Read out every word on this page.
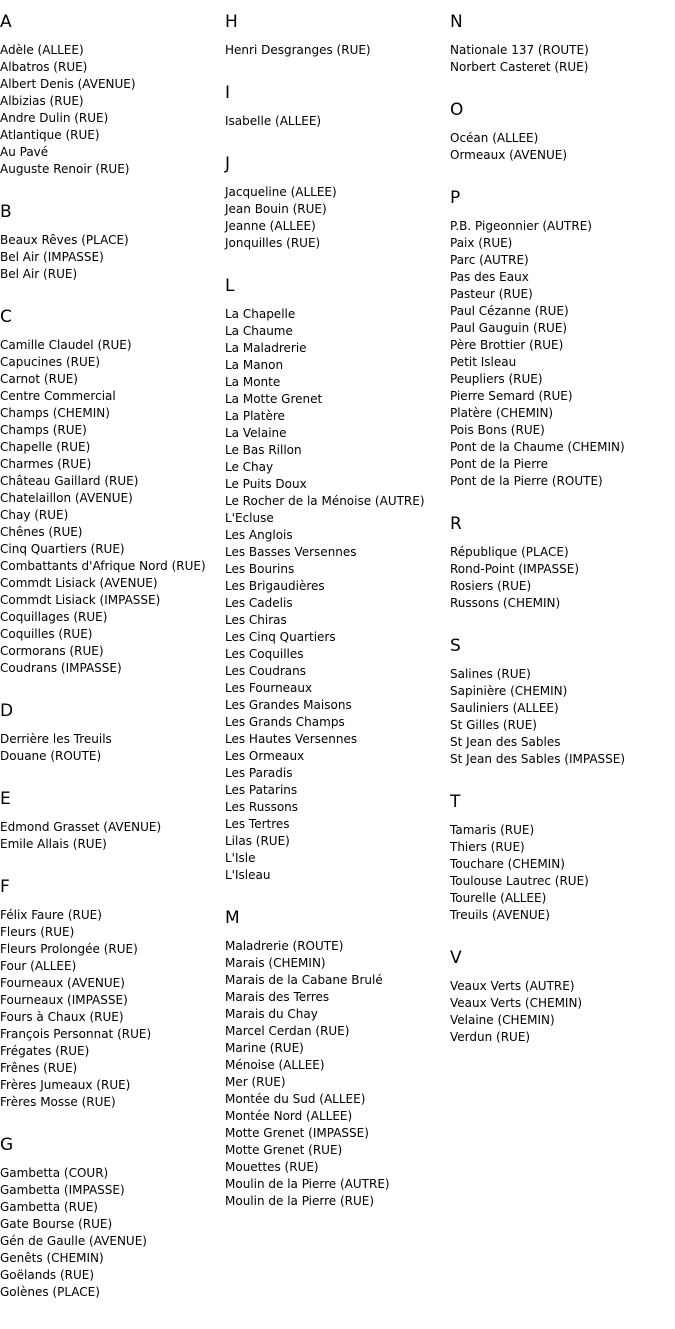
A
Adèle (ALLEE)
Albatros (RUE)
Albert Denis (AVENUE)
Albizias (RUE)
Andre Dulin (RUE)
Atlantique (RUE)
Au Pavé
Auguste Renoir (RUE)
B
Beaux Rêves (PLACE)
Bel Air (IMPASSE)
Bel Air (RUE)
C
Camille Claudel (RUE)
Capucines (RUE)
Carnot (RUE)
Centre Commercial
Champs (CHEMIN)
Champs (RUE)
Chapelle (RUE)
Charmes (RUE)
Château Gaillard (RUE)
Chatelaillon (AVENUE)
Chay (RUE)
Chênes (RUE)
Cinq Quartiers (RUE)
Combattants d'Afrique Nord (RUE)
Commdt Lisiack (AVENUE)
Commdt Lisiack (IMPASSE)
Coquillages (RUE)
Coquilles (RUE)
Cormorans (RUE)
Coudrans (IMPASSE)
D
Derrière les Treuils
Douane (ROUTE)
E
Edmond Grasset (AVENUE)
Emile Allais (RUE)
F
Félix Faure (RUE)
Fleurs (RUE)
Fleurs Prolongée (RUE)
Four (ALLEE)
Fourneaux (AVENUE)
Fourneaux (IMPASSE)
Fours à Chaux (RUE)
François Personnat (RUE)
Frégates (RUE)
Frênes (RUE)
Frères Jumeaux (RUE)
Frères Mosse (RUE)
G
Gambetta (COUR)
Gambetta (IMPASSE)
Gambetta (RUE)
Gate Bourse (RUE)
Gén de Gaulle (AVENUE)
Genêts (CHEMIN)
Goëlands (RUE)
Golènes (PLACE)
H
Henri Desgranges (RUE)
I
Isabelle (ALLEE)
J
Jacqueline (ALLEE)
Jean Bouin (RUE)
Jeanne (ALLEE)
Jonquilles (RUE)
L
La Chapelle
La Chaume
La Maladrerie
La Manon
La Monte
La Motte Grenet
La Platère
La Velaine
Le Bas Rillon
Le Chay
Le Puits Doux
Le Rocher de la Ménoise (AUTRE)
L'Ecluse
Les Anglois
Les Basses Versennes
Les Bourins
Les Brigaudières
Les Cadelis
Les Chiras
Les Cinq Quartiers
Les Coquilles
Les Coudrans
Les Fourneaux
Les Grandes Maisons
Les Grands Champs
Les Hautes Versennes
Les Ormeaux
Les Paradis
Les Patarins
Les Russons
Les Tertres
Lilas (RUE)
L'Isle
L'Isleau
M
Maladrerie (ROUTE)
Marais (CHEMIN)
Marais de la Cabane Brulé
Marais des Terres
Marais du Chay
Marcel Cerdan (RUE)
Marine (RUE)
Ménoise (ALLEE)
Mer (RUE)
Montée du Sud (ALLEE)
Montée Nord (ALLEE)
Motte Grenet (IMPASSE)
Motte Grenet (RUE)
Mouettes (RUE)
Moulin de la Pierre (AUTRE)
Moulin de la Pierre (RUE)
N
Nationale 137 (ROUTE)
Norbert Casteret (RUE)
O
Océan (ALLEE)
Ormeaux (AVENUE)
P
P.B. Pigeonnier (AUTRE)
Paix (RUE)
Parc (AUTRE)
Pas des Eaux
Pasteur (RUE)
Paul Cézanne (RUE)
Paul Gauguin (RUE)
Père Brottier (RUE)
Petit Isleau
Peupliers (RUE)
Pierre Semard (RUE)
Platère (CHEMIN)
Pois Bons (RUE)
Pont de la Chaume (CHEMIN)
Pont de la Pierre
Pont de la Pierre (ROUTE)
R
République (PLACE)
Rond-Point (IMPASSE)
Rosiers (RUE)
Russons (CHEMIN)
S
Salines (RUE)
Sapinière (CHEMIN)
Sauliniers (ALLEE)
St Gilles (RUE)
St Jean des Sables
St Jean des Sables (IMPASSE)
T
Tamaris (RUE)
Thiers (RUE)
Touchare (CHEMIN)
Toulouse Lautrec (RUE)
Tourelle (ALLEE)
Treuils (AVENUE)
V
Veaux Verts (AUTRE)
Veaux Verts (CHEMIN)
Velaine (CHEMIN)
Verdun (RUE)
